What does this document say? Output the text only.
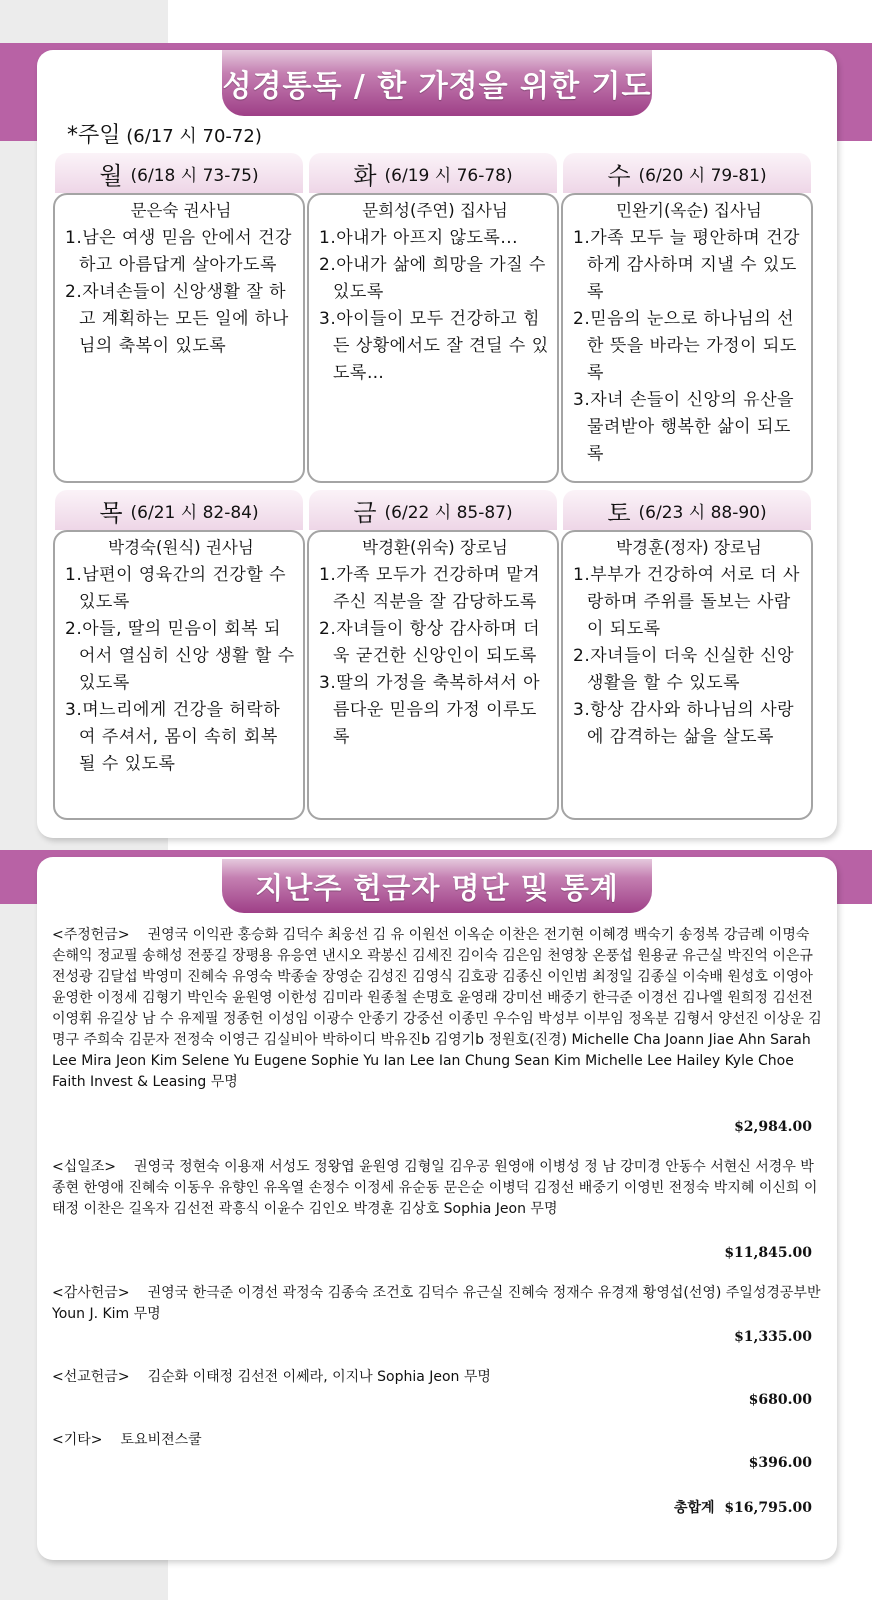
성경통독 / 한 가정을 위한 기도
*주일 (6/17 시 70-72)
월 (6/18 시 73-75)
문은숙 권사님
1.남은 여생 믿음 안에서 건강하고 아름답게 살아가도록
2.자녀손들이 신앙생활 잘 하고 계획하는 모든 일에 하나님의 축복이 있도록
화 (6/19 시 76-78)
문희성(주연) 집사님
1.아내가 아프지 않도록...
2.아내가 삶에 희망을 가질 수 있도록
3.아이들이 모두 건강하고 힘든 상황에서도 잘 견딜 수 있도록…
수 (6/20 시 79-81)
민완기(옥순) 집사님
1.가족 모두 늘 평안하며 건강하게 감사하며 지낼 수 있도록
2.믿음의 눈으로 하나님의 선한 뜻을 바라는 가정이 되도록
3.자녀 손들이 신앙의 유산을 물려받아 행복한 삶이 되도록
목 (6/21 시 82-84)
박경숙(원식) 권사님
1.남편이 영육간의 건강할 수 있도록
2.아들, 딸의 믿음이 회복 되어서 열심히 신앙 생활 할 수 있도록
3.며느리에게 건강을 허락하여 주셔서, 몸이 속히 회복 될 수 있도록
금 (6/22 시 85-87)
박경환(위숙) 장로님
1.가족 모두가 건강하며 맡겨주신 직분을 잘 감당하도록
2.자녀들이 항상 감사하며 더욱 굳건한 신앙인이 되도록
3.딸의 가정을 축복하셔서 아름다운 믿음의 가정 이루도록
토 (6/23 시 88-90)
박경훈(정자) 장로님
1.부부가 건강하여 서로 더 사랑하며 주위를 돌보는 사람이 되도록
2.자녀들이 더욱 신실한 신앙생활을 할 수 있도록
3.항상 감사와 하나님의 사랑에 감격하는 삶을 살도록
지난주 헌금자 명단 및 통계
<주정헌금> 권영국 이익관 홍승화 김덕수 최웅선 김 유 이원선 이옥순 이찬은 전기현 이혜경 백숙기 송정복 강금례 이명숙 손해익 정교필 송해성 전풍길 장평용 유응연 낸시오 곽봉신 김세진 김이숙 김은임 천영창 온풍섭 원용균 유근실 박진억 이은규 전성광 김달섭 박영미 진혜숙 유영숙 박종술 장영순 김성진 김영식 김호광 김종신 이인범 최정일 김종실 이숙배 원성호 이영아 윤영한 이정세 김형기 박인숙 윤원영 이한성 김미라 원종철 손명호 윤영래 강미선 배중기 한극준 이경선 김나엘 원희정 김선전 이영휘 유길상 남 수 유제필 정종헌 이성임 이광수 안종기 강중선 이종민 우수임 박성부 이부임 정옥분 김형서 양선진 이상운 김명구 주희숙 김문자 전정숙 이영근 김실비아 박하이디 박유진b 김영기b 정원호(진경) Michelle Cha Joann Jiae Ahn Sarah Lee Mira Jeon Kim Selene Yu Eugene Sophie Yu Ian Lee Ian Chung Sean Kim Michelle Lee Hailey Kyle Choe Faith Invest & Leasing 무명
$2,984.00
<십일조> 권영국 정현숙 이용재 서성도 정왕엽 윤원영 김형일 김우공 원영애 이병성 정 남 강미경 안동수 서현신 서경우 박종현 한영애 진혜숙 이동우 유향인 유옥열 손정수 이정세 유순동 문은순 이병덕 김정선 배중기 이영빈 전정숙 박지혜 이신희 이태정 이찬은 길옥자 김선전 곽흥식 이윤수 김인오 박경훈 김상호 Sophia Jeon 무명
$11,845.00
<감사헌금> 권영국 한극준 이경선 곽정숙 김종숙 조건호 김덕수 유근실 진혜숙 정재수 유경재 황영섭(선영) 주일성경공부반 Youn J. Kim 무명
$1,335.00
<선교헌금> 김순화 이태정 김선전 이쎄라, 이지나 Sophia Jeon 무명
$680.00
<기타> 토요비젼스쿨
$396.00
총합계 $16,795.00
